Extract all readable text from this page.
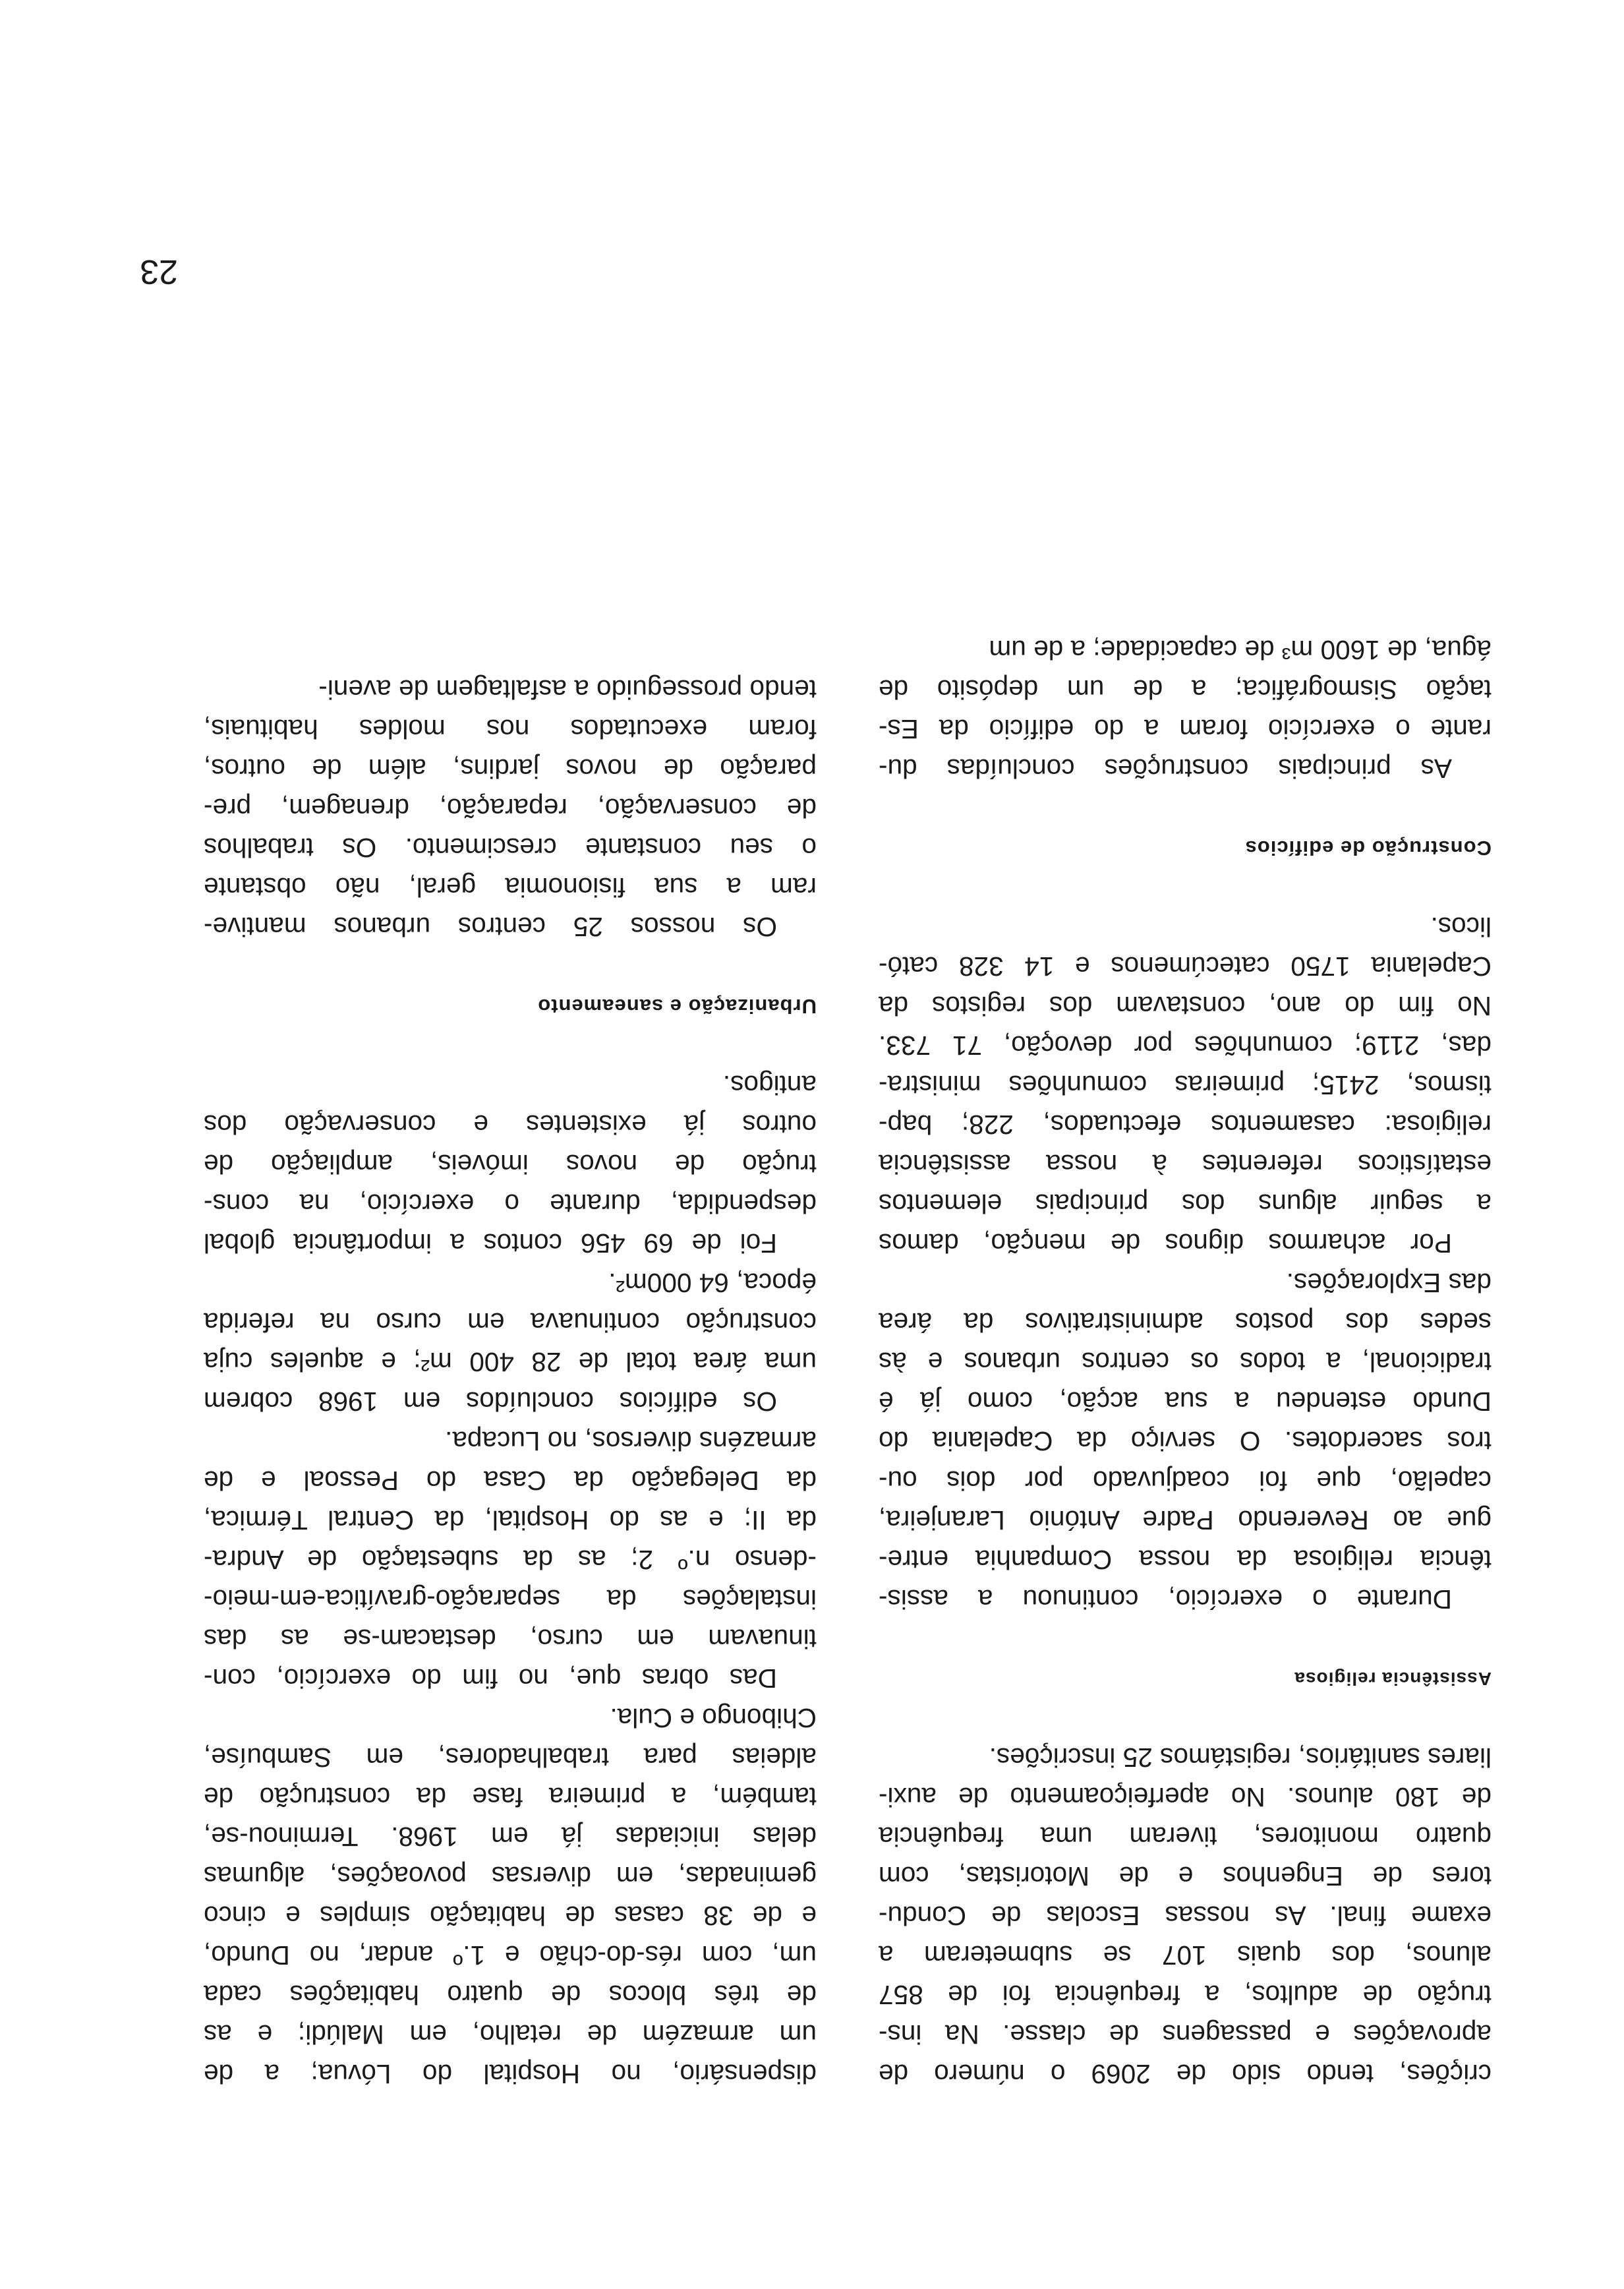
crições, tendo sido de 2069 o número de
aprovações e passagens de classe. Na ins-
trução de adultos, a frequência foi de 857
alunos, dos quais 107 se submeteram a
exame final. As nossas Escolas de Condu-
tores de Engenhos e de Motoristas, com
quatro monitores, tiveram uma frequência
de 180 alunos. No aperfeiçoamento de auxi-
liares sanitários, registámos 25 inscrições.

Assistência religiosa

Durante o exercício, continuou a assis-
tência religiosa da nossa Companhia entre-
gue ao Reverendo Padre António Laranjeira,
capelão, que foi coadjuvado por dois ou-
tros sacerdotes. O serviço da Capelania do
Dundo estendeu a sua acção, como já é
tradicional, a todos os centros urbanos e às
sedes dos postos administrativos da área
das Explorações.

Por acharmos dignos de menção, damos
a seguir alguns dos principais elementos
estatísticos referentes à nossa assistência
religiosa: casamentos efectuados, 228; bap-
tismos, 2415; primeiras comunhões ministra-
das, 2119; comunhões por devoção, 71 733.
No fim do ano, constavam dos registos da
Capelania 1750 catecúmenos e 14 328 cató-
licos.

Construção de edifícios

As principais construções concluídas du-
rante o exercício foram a do edifício da Es-
tação Sismográfica; a de um depósito de
água, de 1600 m³ de capacidade; a de um

dispensário, no Hospital do Lóvua; a de
um armazém de retalho, em Malúdi; e as
de três blocos de quatro habitações cada
um, com rés-do-chão e 1.º andar, no Dundo,
e de 38 casas de habitação simples e cinco
geminadas, em diversas povoações, algumas
delas iniciadas já em 1968. Terminou-se,
também, a primeira fase da construção de
aldeias para trabalhadores, em Sambuíse,
Chibongo e Cula.

Das obras que, no fim do exercício, con-
tinuavam em curso, destacam-se as das
instalações da separação-gravítica-em-meio-
-denso n.º 2; as da subestação de Andra-
da II; e as do Hospital, da Central Térmica,
da Delegação da Casa do Pessoal e de
armazéns diversos, no Lucapa.

Os edifícios concluídos em 1968 cobrem
uma área total de 28 400 m²; e aqueles cuja
construção continuava em curso na referida
época, 64 000m².

Foi de 69 456 contos a importância global
despendida, durante o exercício, na cons-
trução de novos imóveis, ampliação de
outros já existentes e conservação dos
antigos.

Urbanização e saneamento

Os nossos 25 centros urbanos mantive-
ram a sua fisionomia geral, não obstante
o seu constante crescimento. Os trabalhos
de conservação, reparação, drenagem, pre-
paração de novos jardins, além de outros,
foram executados nos moldes habituais,
tendo prosseguido a asfaltagem de aveni-

23
